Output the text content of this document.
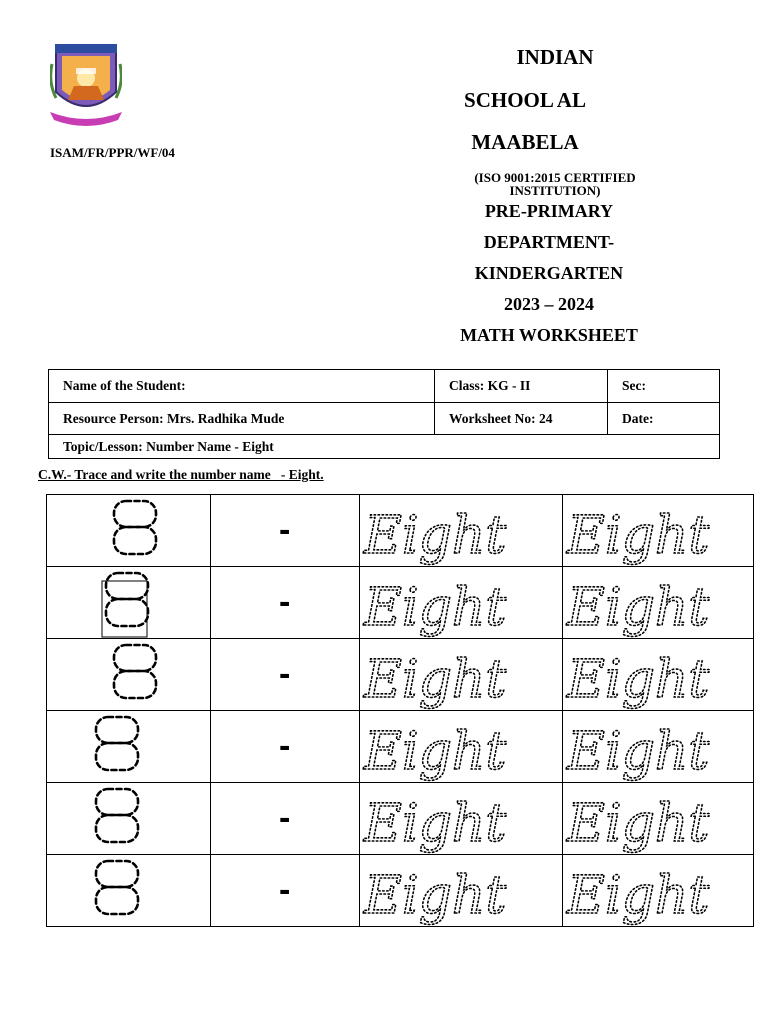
ISAM/FR/PPR/WF/04
INDIAN
SCHOOL AL
MAABELA
(ISO 9001:2015 CERTIFIED
INSTITUTION)
PRE-PRIMARY
DEPARTMENT-
KINDERGARTEN
2023 – 2024
MATH WORKSHEET
Name of the Student:	Class: KG - II	Sec:
Resource Person: Mrs. Radhika Mude	Worksheet No: 24	Date:
Topic/Lesson: Number Name - Eight		
C.W.- Trace and write the number name _- Eight.
	-	Eight	Eight

	-	Eight	Eight

	-	Eight	Eight

	-	Eight	Eight

	-	Eight	Eight

	-	Eight	Eight
